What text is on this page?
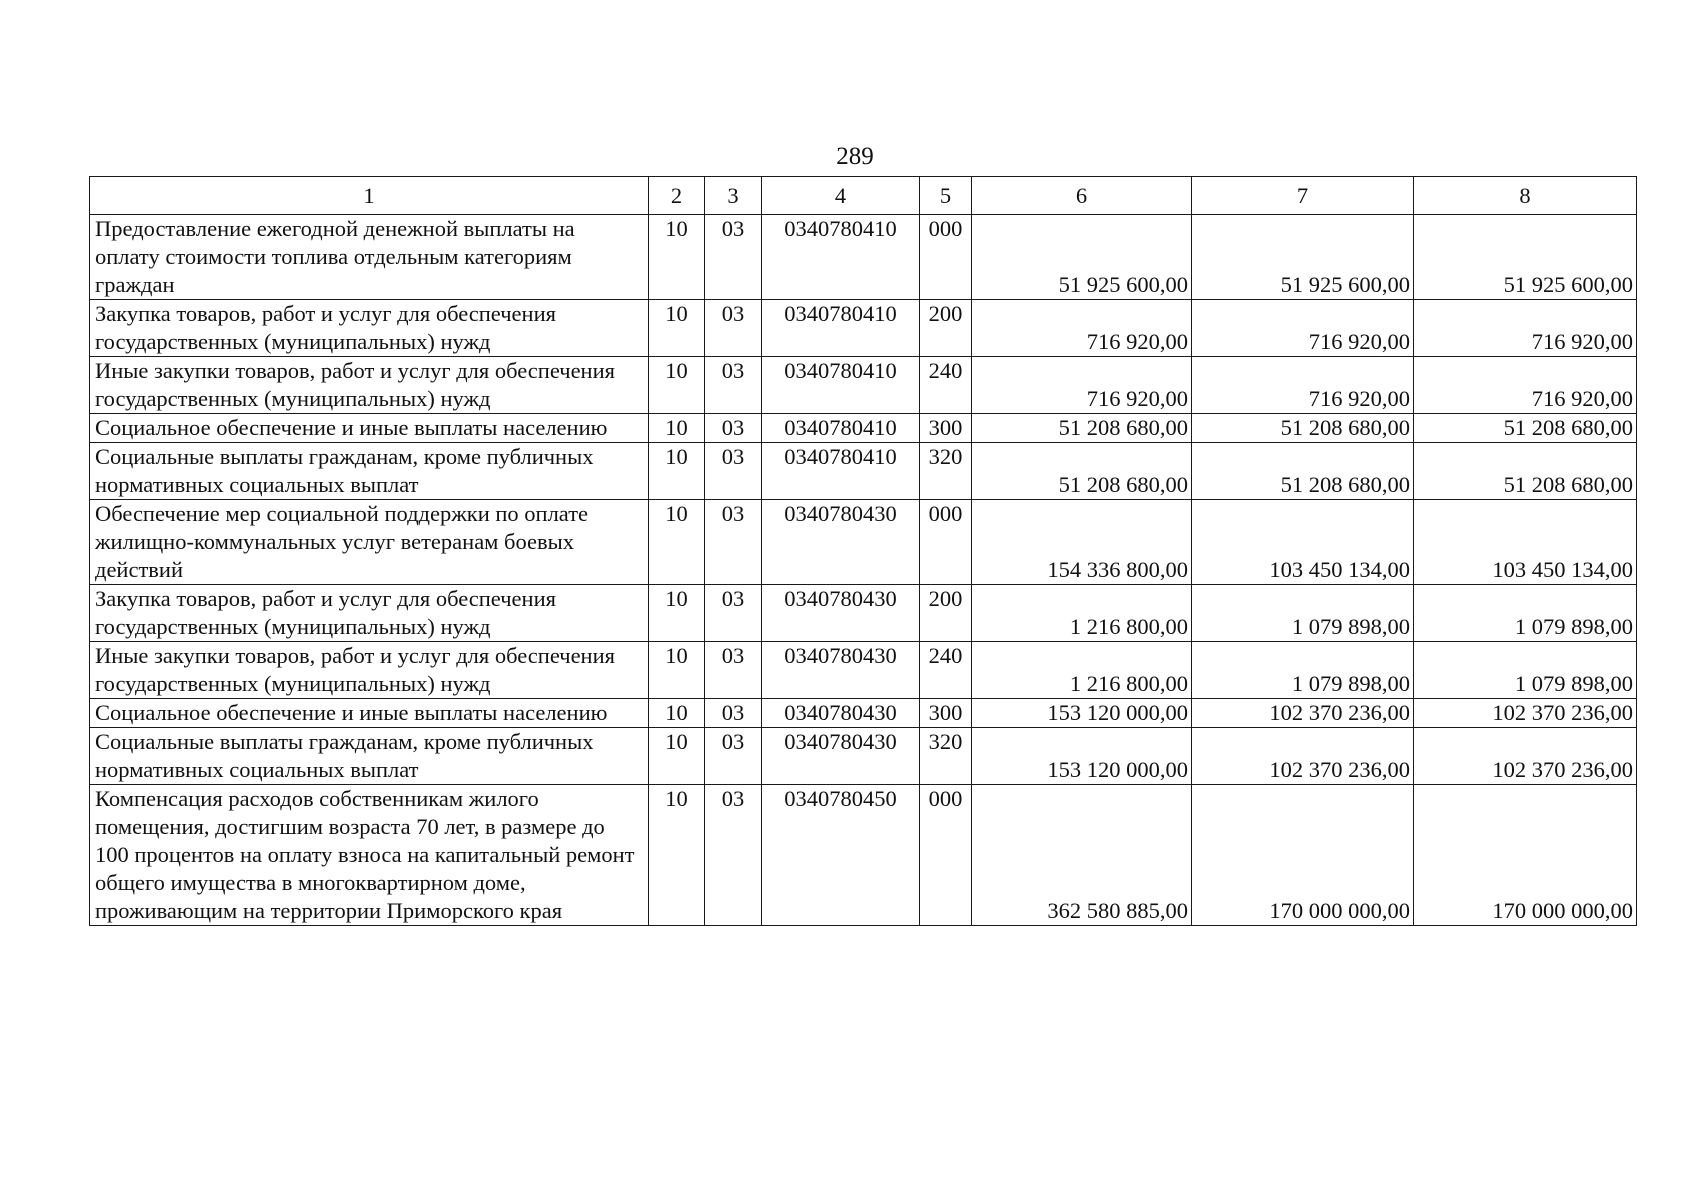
289
1	2	3	4	5	6	7	8
Предоставление ежегодной денежной выплаты на оплату стоимости топлива отдельным категориям граждан	10	03	0340780410	000	51 925 600,00	51 925 600,00	51 925 600,00
Закупка товаров, работ и услуг для обеспечения государственных (муниципальных) нужд	10	03	0340780410	200	716 920,00	716 920,00	716 920,00
Иные закупки товаров, работ и услуг для обеспечения государственных (муниципальных) нужд	10	03	0340780410	240	716 920,00	716 920,00	716 920,00
Социальное обеспечение и иные выплаты населению	10	03	0340780410	300	51 208 680,00	51 208 680,00	51 208 680,00
Социальные выплаты гражданам, кроме публичных нормативных социальных выплат	10	03	0340780410	320	51 208 680,00	51 208 680,00	51 208 680,00
Обеспечение мер социальной поддержки по оплате жилищно-коммунальных услуг ветеранам боевых действий	10	03	0340780430	000	154 336 800,00	103 450 134,00	103 450 134,00
Закупка товаров, работ и услуг для обеспечения государственных (муниципальных) нужд	10	03	0340780430	200	1 216 800,00	1 079 898,00	1 079 898,00
Иные закупки товаров, работ и услуг для обеспечения государственных (муниципальных) нужд	10	03	0340780430	240	1 216 800,00	1 079 898,00	1 079 898,00
Социальное обеспечение и иные выплаты населению	10	03	0340780430	300	153 120 000,00	102 370 236,00	102 370 236,00
Социальные выплаты гражданам, кроме публичных нормативных социальных выплат	10	03	0340780430	320	153 120 000,00	102 370 236,00	102 370 236,00
Компенсация расходов собственникам жилого помещения, достигшим возраста 70 лет, в размере до 100 процентов на оплату взноса на капитальный ремонт общего имущества в многоквартирном доме, проживающим на территории Приморского края	10	03	0340780450	000	362 580 885,00	170 000 000,00	170 000 000,00
